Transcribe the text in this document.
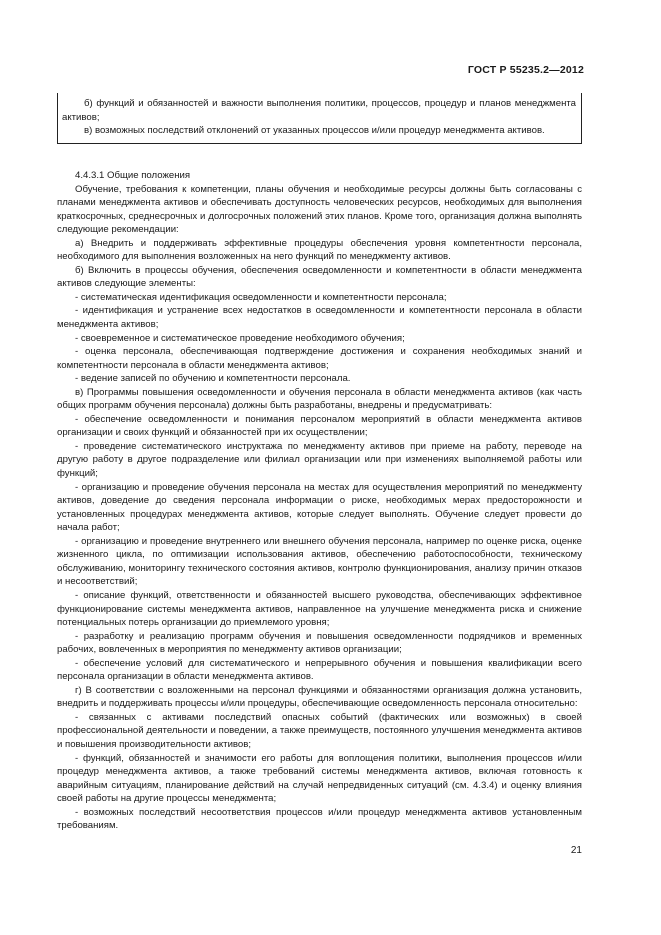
ГОСТ Р 55235.2—2012

б) функций и обязанностей и важности выполнения политики, процессов, процедур и планов менеджмента активов;

в) возможных последствий отклонений от указанных процессов и/или процедур менеджмента активов.

4.4.3.1 Общие положения

Обучение, требования к компетенции, планы обучения и необходимые ресурсы должны быть согласованы с планами менеджмента активов и обеспечивать доступность человеческих ресурсов, необходимых для выполнения краткосрочных, среднесрочных и долгосрочных положений этих планов. Кроме того, организация должна выполнять следующие рекомендации:

а) Внедрить и поддерживать эффективные процедуры обеспечения уровня компетентности персонала, необходимого для выполнения возложенных на него функций по менеджменту активов.

б) Включить в процессы обучения, обеспечения осведомленности и компетентности в области менеджмента активов следующие элементы:

- систематическая идентификация осведомленности и компетентности персонала;

- идентификация и устранение всех недостатков в осведомленности и компетентности персонала в области менеджмента активов;

- своевременное и систематическое проведение необходимого обучения;

- оценка персонала, обеспечивающая подтверждение достижения и сохранения необходимых знаний и компетентности персонала в области менеджмента активов;

- ведение записей по обучению и компетентности персонала.

в) Программы повышения осведомленности и обучения персонала в области менеджмента активов (как часть общих программ обучения персонала) должны быть разработаны, внедрены и предусматривать:

- обеспечение осведомленности и понимания персоналом мероприятий в области менеджмента активов организации и своих функций и обязанностей при их осуществлении;

- проведение систематического инструктажа по менеджменту активов при приеме на работу, переводе на другую работу в другое подразделение или филиал организации или при изменениях выполняемой работы или функций;

- организацию и проведение обучения персонала на местах для осуществления мероприятий по менеджменту активов, доведение до сведения персонала информации о риске, необходимых мерах предосторожности и установленных процедурах менеджмента активов, которые следует выполнять. Обучение следует провести до начала работ;

- организацию и проведение внутреннего или внешнего обучения персонала, например по оценке риска, оценке жизненного цикла, по оптимизации использования активов, обеспечению работоспособности, техническому обслуживанию, мониторингу технического состояния активов, контролю функционирования, анализу причин отказов и несоответствий;

- описание функций, ответственности и обязанностей высшего руководства, обеспечивающих эффективное функционирование системы менеджмента активов, направленное на улучшение менеджмента риска и снижение потенциальных потерь организации до приемлемого уровня;

- разработку и реализацию программ обучения и повышения осведомленности подрядчиков и временных рабочих, вовлеченных в мероприятия по менеджменту активов организации;

- обеспечение условий для систематического и непрерывного обучения и повышения квалификации всего персонала организации в области менеджмента активов.

г) В соответствии с возложенными на персонал функциями и обязанностями организация должна установить, внедрить и поддерживать процессы и/или процедуры, обеспечивающие осведомленность персонала относительно:

- связанных с активами последствий опасных событий (фактических или возможных) в своей профессиональной деятельности и поведении, а также преимуществ, постоянного улучшения менеджмента активов и повышения производительности активов;

- функций, обязанностей и значимости его работы для воплощения политики, выполнения процессов и/или процедур менеджмента активов, а также требований системы менеджмента активов, включая готовность к аварийным ситуациям, планирование действий на случай непредвиденных ситуаций (см. 4.3.4) и оценку влияния своей работы на другие процессы менеджмента;

- возможных последствий несоответствия процессов и/или процедур менеджмента активов установленным требованиям.

21
